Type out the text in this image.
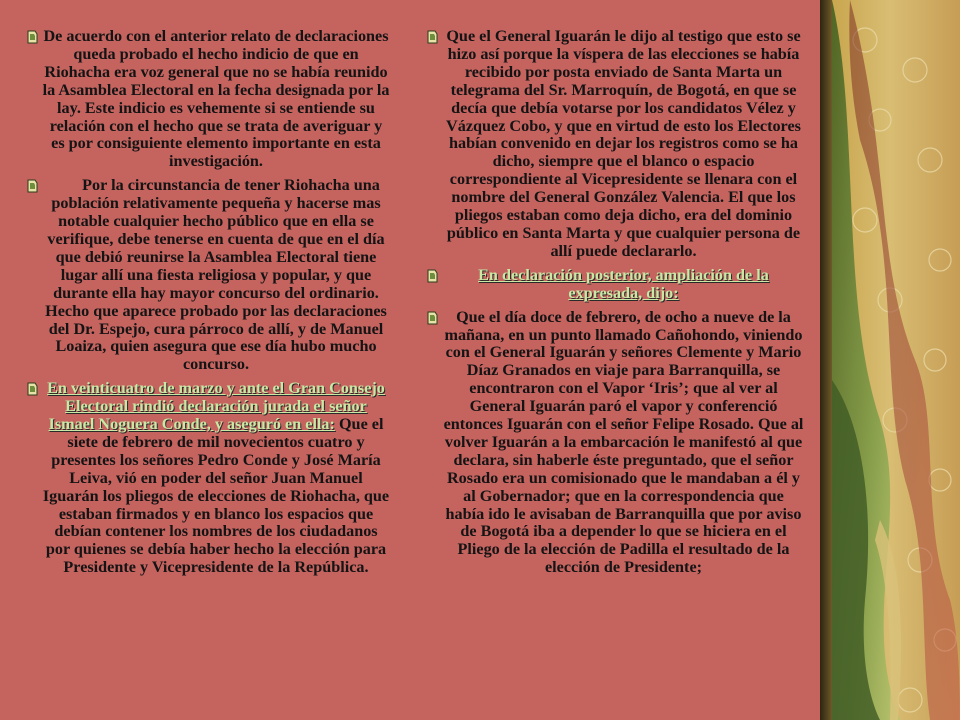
De acuerdo con el anterior relato de declaraciones queda probado el hecho indicio de que en Riohacha era voz general que no se había reunido la Asamblea Electoral en la fecha designada por la lay. Este indicio es vehemente si se entiende su relación con el hecho que se trata de averiguar y es por consiguiente elemento importante en esta investigación.

Por la circunstancia de tener Riohacha una población relativamente pequeña y hacerse mas notable cualquier hecho público que en ella se verifique, debe tenerse en cuenta de que en el día que debió reunirse la Asamblea Electoral tiene lugar allí una fiesta religiosa y popular, y que durante ella hay mayor concurso del ordinario. Hecho que aparece probado por las declaraciones del Dr. Espejo, cura párroco de allí, y de Manuel Loaiza, quien asegura que ese día hubo mucho concurso.

En veinticuatro de marzo y ante el Gran Consejo Electoral rindió declaración jurada el señor Ismael Noguera Conde, y aseguró en ella: Que el siete de febrero de mil novecientos cuatro y presentes los señores Pedro Conde y José María Leiva, vió en poder del señor Juan Manuel Iguarán los pliegos de elecciones de Riohacha, que estaban firmados y en blanco los espacios que debían contener los nombres de los ciudadanos por quienes se debía haber hecho la elección para Presidente y Vicepresidente de la República.

Que el General Iguarán le dijo al testigo que esto se hizo así porque la víspera de las elecciones se había recibido por posta enviado de Santa Marta un telegrama del Sr. Marroquín, de Bogotá, en que se decía que debía votarse por los candidatos Vélez y Vázquez Cobo, y que en virtud de esto los Electores habían convenido en dejar los registros como se ha dicho, siempre que el blanco o espacio correspondiente al Vicepresidente se llenara con el nombre del General González Valencia. El que los pliegos estaban como deja dicho, era del dominio público en Santa Marta y que cualquier persona de allí puede declararlo.

En declaración posterior, ampliación de la expresada, dijo:

Que el día doce de febrero, de ocho a nueve de la mañana, en un punto llamado Cañohondo, viniendo con el General Iguarán y señores Clemente y Mario Díaz Granados en viaje para Barranquilla, se encontraron con el Vapor ‘Iris’; que al ver al General Iguarán paró el vapor y conferenció entonces Iguarán con el señor Felipe Rosado. Que al volver Iguarán a la embarcación le manifestó al que declara, sin haberle éste preguntado, que el señor Rosado era un comisionado que le mandaban a él y al Gobernador; que en la correspondencia que había ido le avisaban de Barranquilla que por aviso de Bogotá iba a depender lo que se hiciera en el Pliego de la elección de Padilla el resultado de la elección de Presidente;
